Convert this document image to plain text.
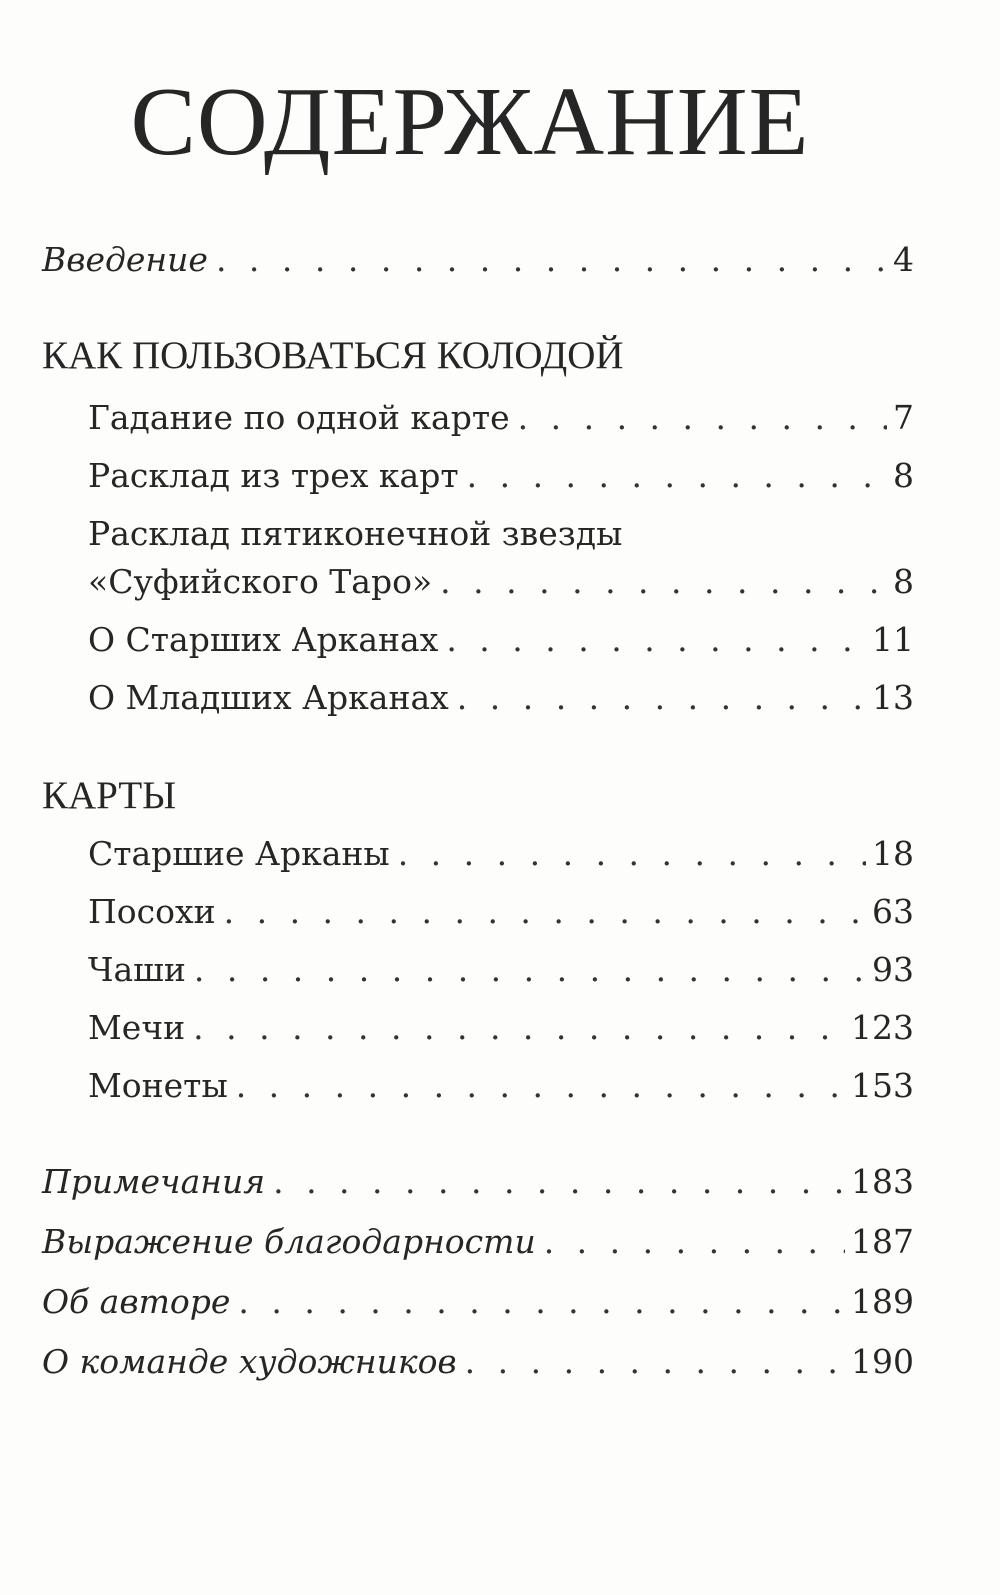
СОДЕРЖАНИЕ
Введение . . .	4
КАК ПОЛЬЗОВАТЬСЯ КОЛОДОЙ
Гадание по одной карте . . .	7
Расклад из трех карт . . .	8
Расклад пятиконечной звезды
«Суфийского Таро» . . .	8
О Старших Арканах . . .	11
О Младших Арканах . . .	13
КАРТЫ
Старшие Арканы . . .	18
Посохи . . .	63
Чаши . . .	93
Мечи . . .	123
Монеты . . .	153
Примечания . . .	183
Выражение благодарности . . .	187
Об авторе . . .	189
О команде художников . . .	190
